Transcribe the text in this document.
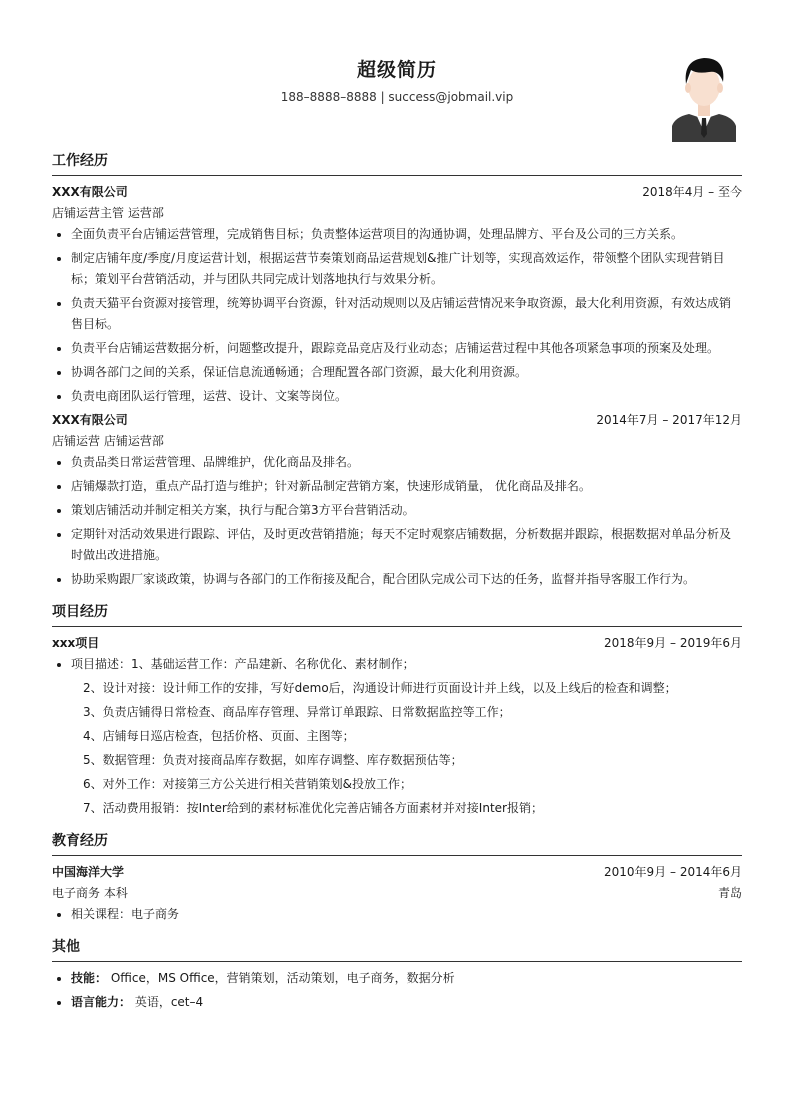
超级简历
188–8888–8888 | success@jobmail.vip
工作经历
XXX有限公司	2018年4月 – 至今
店铺运营主管 运营部
• 全面负责平台店铺运营管理，完成销售目标；负责整体运营项目的沟通协调，处理品牌方、平台及公司的三方关系。
• 制定店铺年度/季度/月度运营计划，根据运营节奏策划商品运营规划&推广计划等，实现高效运作，带领整个团队实现营销目标；策划平台营销活动，并与团队共同完成计划落地执行与效果分析。
• 负责天猫平台资源对接管理，统筹协调平台资源，针对活动规则以及店铺运营情况来争取资源，最大化利用资源，有效达成销售目标。
• 负责平台店铺运营数据分析，问题整改提升，跟踪竞品竞店及行业动态；店铺运营过程中其他各项紧急事项的预案及处理。
• 协调各部门之间的关系，保证信息流通畅通；合理配置各部门资源，最大化利用资源。
• 负责电商团队运行管理，运营、设计、文案等岗位。
XXX有限公司	2014年7月 – 2017年12月
店铺运营 店铺运营部
• 负责品类日常运营管理、品牌维护，优化商品及排名。
• 店铺爆款打造，重点产品打造与维护；针对新品制定营销方案，快速形成销量， 优化商品及排名。
• 策划店铺活动并制定相关方案，执行与配合第3方平台营销活动。
• 定期针对活动效果进行跟踪、评估，及时更改营销措施；每天不定时观察店铺数据，分析数据并跟踪，根据数据对单品分析及时做出改进措施。
• 协助采购跟厂家谈政策，协调与各部门的工作衔接及配合，配合团队完成公司下达的任务，监督并指导客服工作行为。
项目经历
xxx项目	2018年9月 – 2019年6月
• 项目描述：1、基础运营工作：产品建新、名称优化、素材制作；
2、设计对接：设计师工作的安排，写好demo后，沟通设计师进行页面设计并上线，以及上线后的检查和调整；
3、负责店铺得日常检查、商品库存管理、异常订单跟踪、日常数据监控等工作；
4、店铺每日巡店检查，包括价格、页面、主图等；
5、数据管理：负责对接商品库存数据，如库存调整、库存数据预估等；
6、对外工作：对接第三方公关进行相关营销策划&投放工作；
7、活动费用报销：按Inter给到的素材标准优化完善店铺各方面素材并对接Inter报销；
教育经历
中国海洋大学	2010年9月 – 2014年6月
电子商务 本科	青岛
• 相关课程：电子商务
其他
• 技能： Office，MS Office，营销策划，活动策划，电子商务，数据分析
• 语言能力： 英语，cet–4
